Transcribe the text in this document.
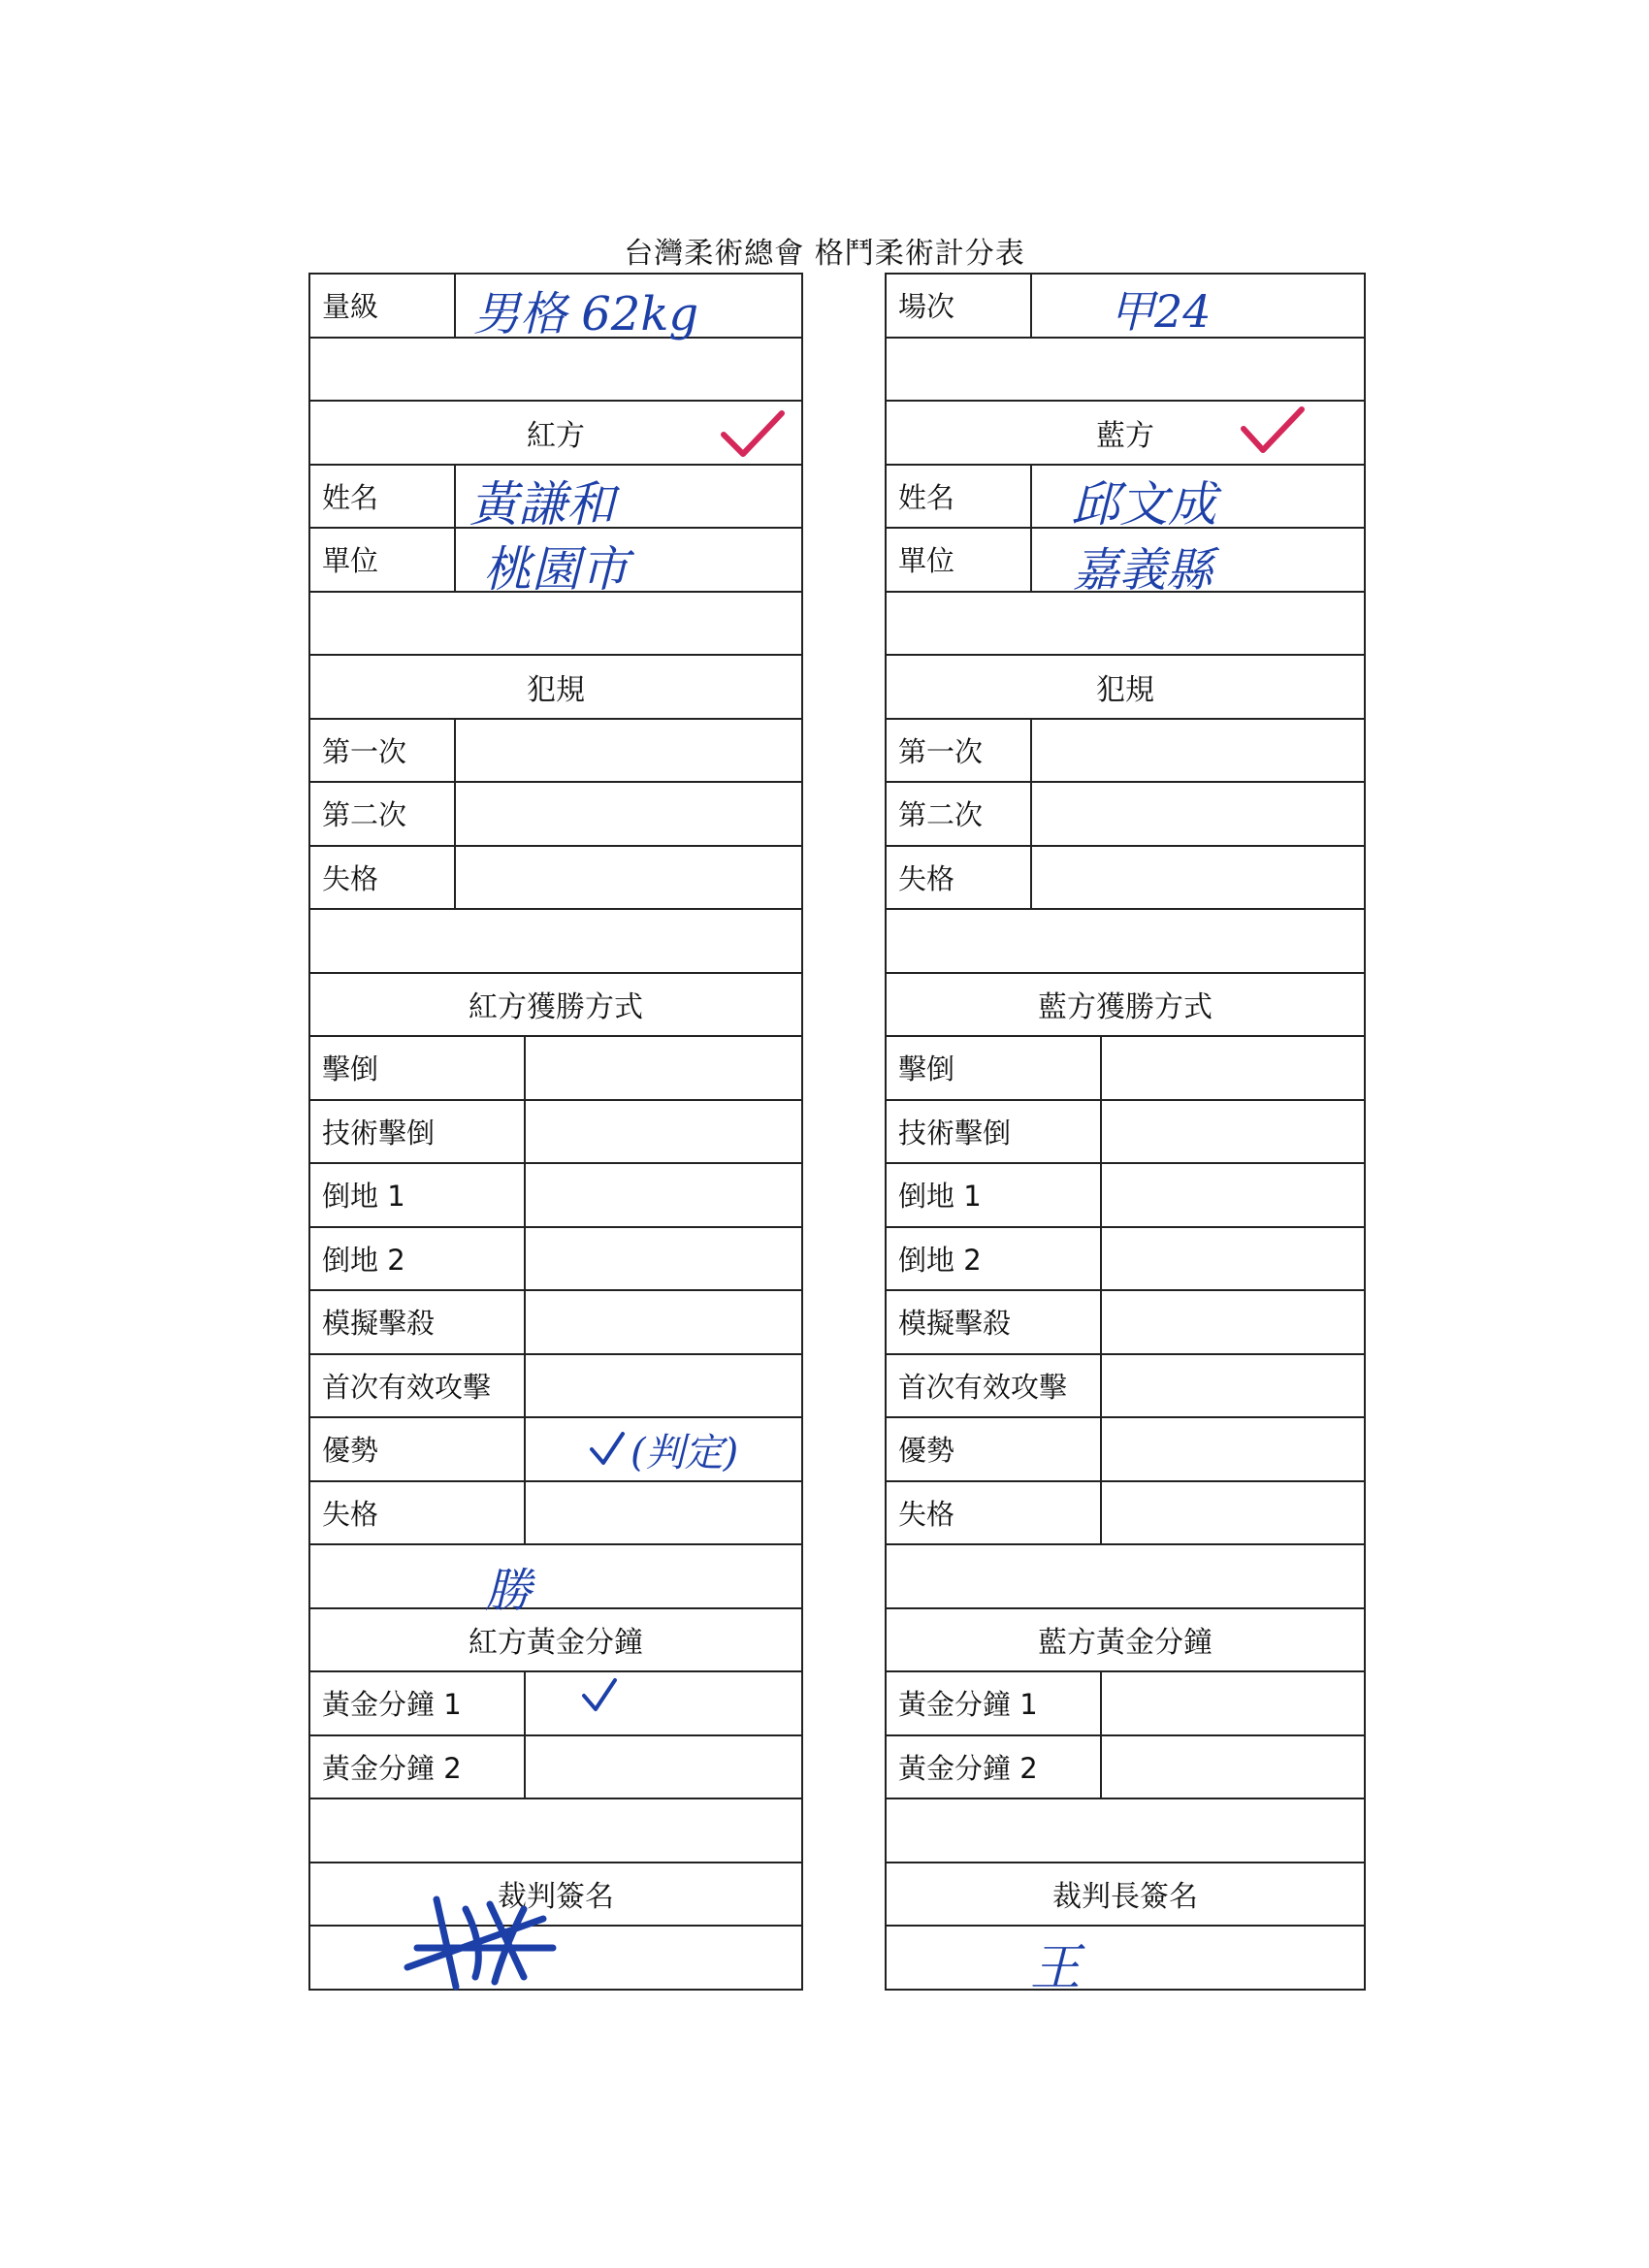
台灣柔術總會 格鬥柔術計分表
量級	男格 62kg
紅方
姓名	黃謙和
單位	桃園市
犯規
第一次
第二次
失格
紅方獲勝方式
擊倒
技術擊倒
倒地 1
倒地 2
模擬擊殺
首次有效攻擊
優勢	(判定)
失格
勝
紅方黃金分鐘
黃金分鐘 1
黃金分鐘 2
裁判簽名
場次	甲24
藍方
姓名	邱文成
單位	嘉義縣
犯規
第一次
第二次
失格
藍方獲勝方式
擊倒
技術擊倒
倒地 1
倒地 2
模擬擊殺
首次有效攻擊
優勢
失格
藍方黃金分鐘
黃金分鐘 1
黃金分鐘 2
裁判長簽名
王
